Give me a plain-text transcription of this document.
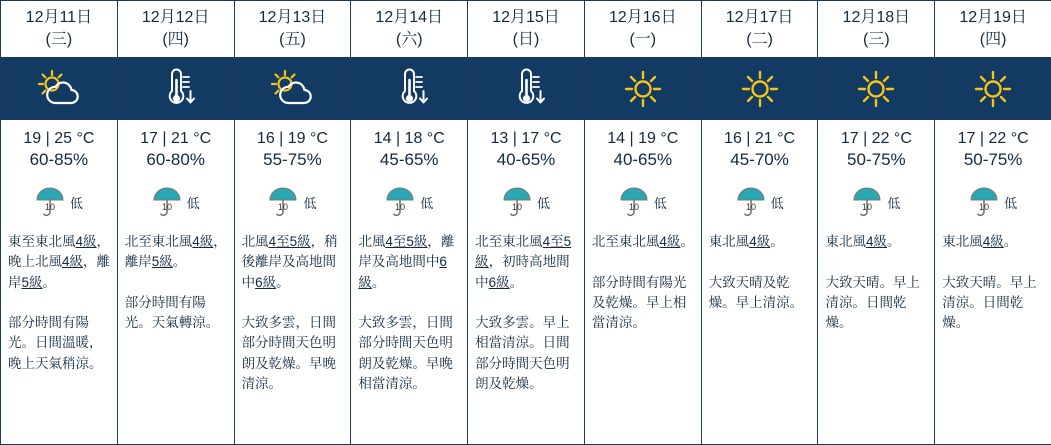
12月11日
(三)
19 | 25 °C
60-85%
10 低
東至東北風4級，晚上北風4級，離岸5級。

部分時間有陽光。日間溫暖，晚上天氣稍涼。
12月12日
(四)
17 | 21 °C
60-80%
10 低
北至東北風4級，離岸5級。

部分時間有陽光。天氣轉涼。
12月13日
(五)
16 | 19 °C
55-75%
10 低
北風4至5級，稍後離岸及高地間中6級。

大致多雲，日間部分時間天色明朗及乾燥。早晚清涼。
12月14日
(六)
14 | 18 °C
45-65%
10 低
北風4至5級，離岸及高地間中6級。

大致多雲，日間部分時間天色明朗及乾燥。早晚相當清涼。
12月15日
(日)
13 | 17 °C
40-65%
10 低
北至東北風4至5級，初時高地間中6級。

大致多雲。早上相當清涼。日間部分時間天色明朗及乾燥。
12月16日
(一)
14 | 19 °C
40-65%
10 低
北至東北風4級。

部分時間有陽光及乾燥。早上相當清涼。
12月17日
(二)
16 | 21 °C
45-70%
10 低
東北風4級。

大致天晴及乾燥。早上清涼。
12月18日
(三)
17 | 22 °C
50-75%
10 低
東北風4級。

大致天晴。早上清涼。日間乾燥。
12月19日
(四)
17 | 22 °C
50-75%
10 低
東北風4級。

大致天晴。早上清涼。日間乾燥。
